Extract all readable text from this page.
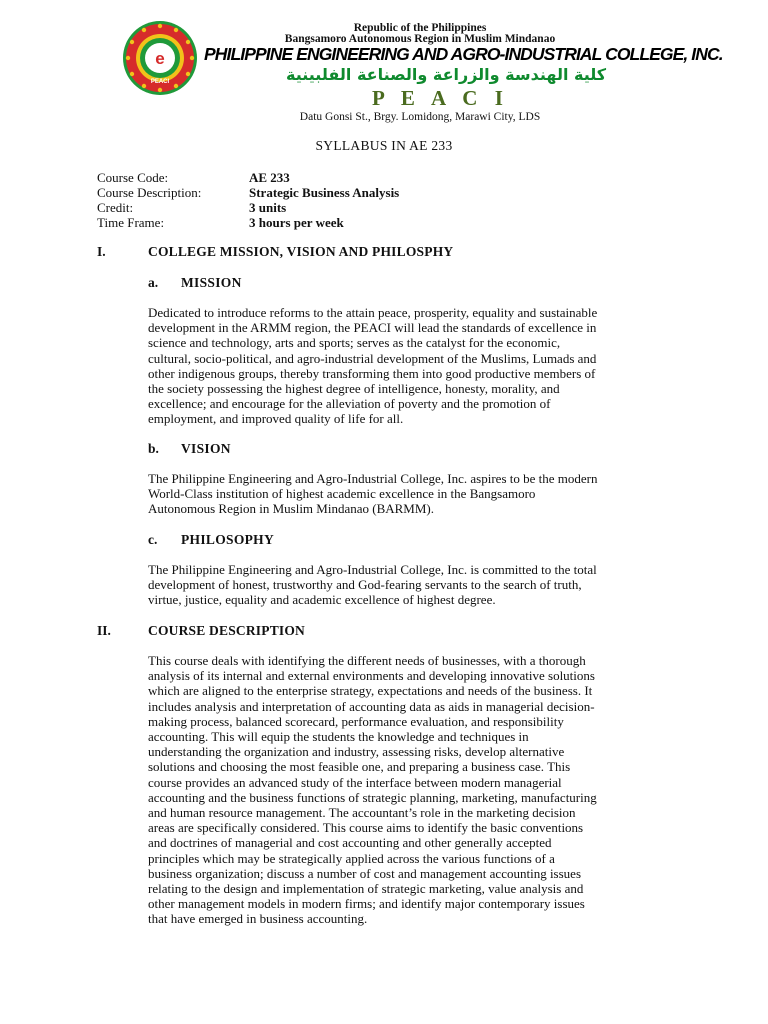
e
PEACI
Republic of the Philippines
Bangsamoro Autonomous Region in Muslim Mindanao
PHILIPPINE ENGINEERING AND AGRO-INDUSTRIAL COLLEGE, INC.
كلية الهندسة والزراعة والصناعة الفلبينية
P E A C I
Datu Gonsi St., Brgy. Lomidong, Marawi City, LDS
SYLLABUS IN AE 233
Course Code:	AE 233
Course Description:	Strategic Business Analysis
Credit:	3 units
Time Frame:	3 hours per week
I.	COLLEGE MISSION, VISION AND PHILOSPHY
a. MISSION
Dedicated to introduce reforms to the attain peace, prosperity, equality and sustainable
development in the ARMM region, the PEACI will lead the standards of excellence in
science and technology, arts and sports; serves as the catalyst for the economic,
cultural, socio-political, and agro-industrial development of the Muslims, Lumads and
other indigenous groups, thereby transforming them into good productive members of
the society possessing the highest degree of intelligence, honesty, morality, and
excellence; and encourage for the alleviation of poverty and the promotion of
employment, and improved quality of life for all.
b. VISION
The Philippine Engineering and Agro-Industrial College, Inc. aspires to be the modern
World-Class institution of highest academic excellence in the Bangsamoro
Autonomous Region in Muslim Mindanao (BARMM).
c. PHILOSOPHY
The Philippine Engineering and Agro-Industrial College, Inc. is committed to the total
development of honest, trustworthy and God-fearing servants to the search of truth,
virtue, justice, equality and academic excellence of highest degree.
II.	COURSE DESCRIPTION
This course deals with identifying the different needs of businesses, with a thorough
analysis of its internal and external environments and developing innovative solutions
which are aligned to the enterprise strategy, expectations and needs of the business. It
includes analysis and interpretation of accounting data as aids in managerial decision-
making process, balanced scorecard, performance evaluation, and responsibility
accounting. This will equip the students the knowledge and techniques in
understanding the organization and industry, assessing risks, develop alternative
solutions and choosing the most feasible one, and preparing a business case. This
course provides an advanced study of the interface between modern managerial
accounting and the business functions of strategic planning, marketing, manufacturing
and human resource management. The accountant’s role in the marketing decision
areas are specifically considered. This course aims to identify the basic conventions
and doctrines of managerial and cost accounting and other generally accepted
principles which may be strategically applied across the various functions of a
business organization; discuss a number of cost and management accounting issues
relating to the design and implementation of strategic marketing, value analysis and
other management models in modern firms; and identify major contemporary issues
that have emerged in business accounting.
